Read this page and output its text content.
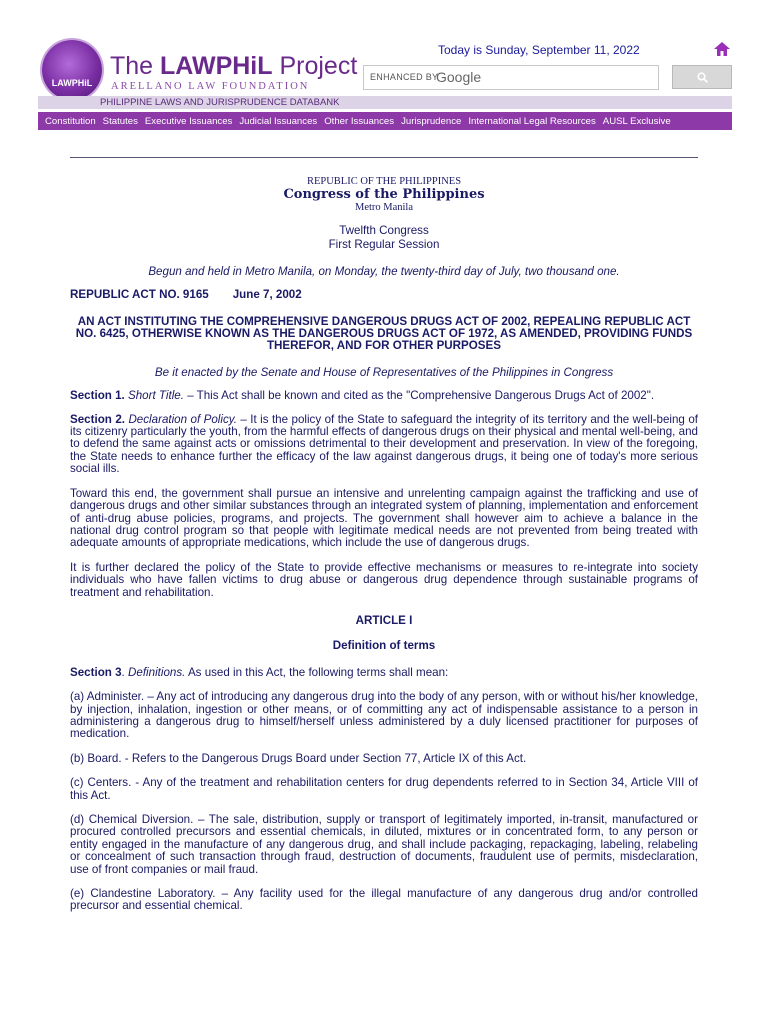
LAWPHiL
The LAWPHiL Project
ARELLANO LAW FOUNDATION
PHILIPPINE LAWS AND JURISPRUDENCE DATABANK
Today is Sunday, September 11, 2022
ENHANCED BY
Google
Constitution Statutes Executive Issuances Judicial Issuances Other Issuances Jurisprudence International Legal Resources AUSL Exclusive
REPUBLIC OF THE PHILIPPINES
Congress of the Philippines
Metro Manila
Twelfth Congress
First Regular Session

Begun and held in Metro Manila, on Monday, the twenty-third day of July, two thousand one.

REPUBLIC ACT NO. 9165 June 7, 2002

AN ACT INSTITUTING THE COMPREHENSIVE DANGEROUS DRUGS ACT OF 2002, REPEALING REPUBLIC ACT NO. 6425, OTHERWISE KNOWN AS THE DANGEROUS DRUGS ACT OF 1972, AS AMENDED, PROVIDING FUNDS THEREFOR, AND FOR OTHER PURPOSES

Be it enacted by the Senate and House of Representatives of the Philippines in Congress

Section 1. Short Title. – This Act shall be known and cited as the "Comprehensive Dangerous Drugs Act of 2002".

Section 2. Declaration of Policy. – It is the policy of the State to safeguard the integrity of its territory and the well-being of its citizenry particularly the youth, from the harmful effects of dangerous drugs on their physical and mental well-being, and to defend the same against acts or omissions detrimental to their development and preservation. In view of the foregoing, the State needs to enhance further the efficacy of the law against dangerous drugs, it being one of today's more serious social ills.

Toward this end, the government shall pursue an intensive and unrelenting campaign against the trafficking and use of dangerous drugs and other similar substances through an integrated system of planning, implementation and enforcement of anti-drug abuse policies, programs, and projects. The government shall however aim to achieve a balance in the national drug control program so that people with legitimate medical needs are not prevented from being treated with adequate amounts of appropriate medications, which include the use of dangerous drugs.

It is further declared the policy of the State to provide effective mechanisms or measures to re-integrate into society individuals who have fallen victims to drug abuse or dangerous drug dependence through sustainable programs of treatment and rehabilitation.

ARTICLE I

Definition of terms

Section 3. Definitions. As used in this Act, the following terms shall mean:

(a) Administer. – Any act of introducing any dangerous drug into the body of any person, with or without his/her knowledge, by injection, inhalation, ingestion or other means, or of committing any act of indispensable assistance to a person in administering a dangerous drug to himself/herself unless administered by a duly licensed practitioner for purposes of medication.

(b) Board. - Refers to the Dangerous Drugs Board under Section 77, Article IX of this Act.

(c) Centers. - Any of the treatment and rehabilitation centers for drug dependents referred to in Section 34, Article VIII of this Act.

(d) Chemical Diversion. – The sale, distribution, supply or transport of legitimately imported, in-transit, manufactured or procured controlled precursors and essential chemicals, in diluted, mixtures or in concentrated form, to any person or entity engaged in the manufacture of any dangerous drug, and shall include packaging, repackaging, labeling, relabeling or concealment of such transaction through fraud, destruction of documents, fraudulent use of permits, misdeclaration, use of front companies or mail fraud.

(e) Clandestine Laboratory. – Any facility used for the illegal manufacture of any dangerous drug and/or controlled precursor and essential chemical.
